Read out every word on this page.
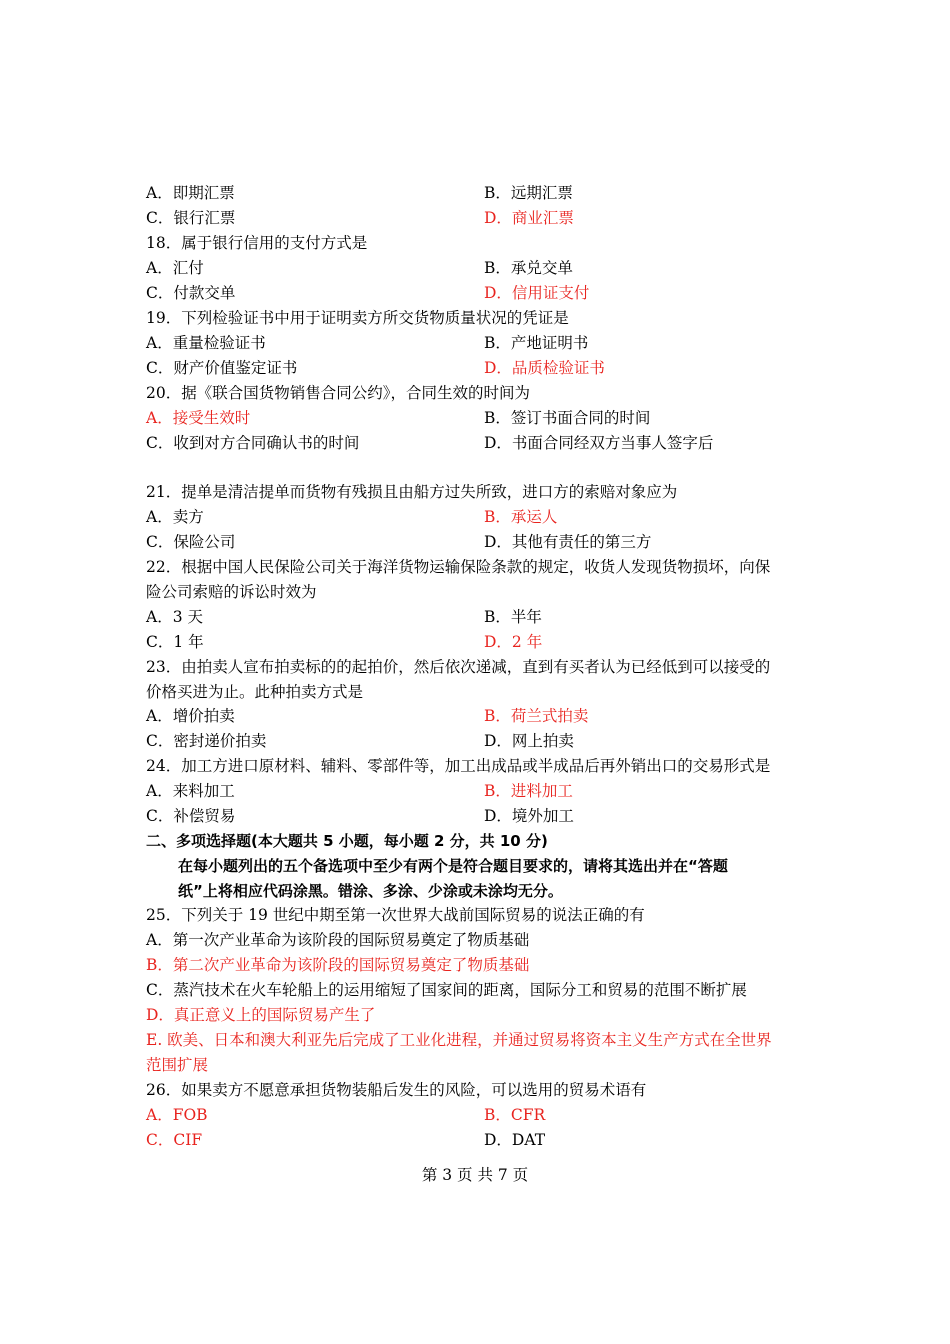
A．即期汇票	B．远期汇票
C．银行汇票	D．商业汇票
18．属于银行信用的支付方式是
A．汇付	B．承兑交单
C．付款交单	D．信用证支付
19．下列检验证书中用于证明卖方所交货物质量状况的凭证是
A．重量检验证书	B．产地证明书
C．财产价值鉴定证书	D．品质检验证书
20．据《联合国货物销售合同公约》，合同生效的时间为
A．接受生效时	B．签订书面合同的时间
C．收到对方合同确认书的时间	D．书面合同经双方当事人签字后
21．提单是清洁提单而货物有残损且由船方过失所致，进口方的索赔对象应为
A．卖方	B．承运人
C．保险公司	D．其他有责任的第三方
22．根据中国人民保险公司关于海洋货物运输保险条款的规定，收货人发现货物损坏，向保
险公司索赔的诉讼时效为
A．3 天	B．半年
C．1 年	D．2 年
23．由拍卖人宣布拍卖标的的起拍价，然后依次递减，直到有买者认为已经低到可以接受的
价格买进为止。此种拍卖方式是
A．增价拍卖	B．荷兰式拍卖
C．密封递价拍卖	D．网上拍卖
24．加工方进口原材料、辅料、零部件等，加工出成品或半成品后再外销出口的交易形式是
A．来料加工	B．进料加工
C．补偿贸易	D．境外加工
二、多项选择题(本大题共 5 小题，每小题 2 分，共 10 分)
在每小题列出的五个备选项中至少有两个是符合题目要求的，请将其选出并在“答题
纸”上将相应代码涂黑。错涂、多涂、少涂或未涂均无分。
25．下列关于 19 世纪中期至第一次世界大战前国际贸易的说法正确的有
A．第一次产业革命为该阶段的国际贸易奠定了物质基础
B．第二次产业革命为该阶段的国际贸易奠定了物质基础
C．蒸汽技术在火车轮船上的运用缩短了国家间的距离，国际分工和贸易的范围不断扩展
D．真正意义上的国际贸易产生了
E. 欧美、日本和澳大利亚先后完成了工业化进程，并通过贸易将资本主义生产方式在全世界
范围扩展
26．如果卖方不愿意承担货物装船后发生的风险，可以选用的贸易术语有
A．FOB	B．CFR
C．CIF	D．DAT
第 3 页 共 7 页
